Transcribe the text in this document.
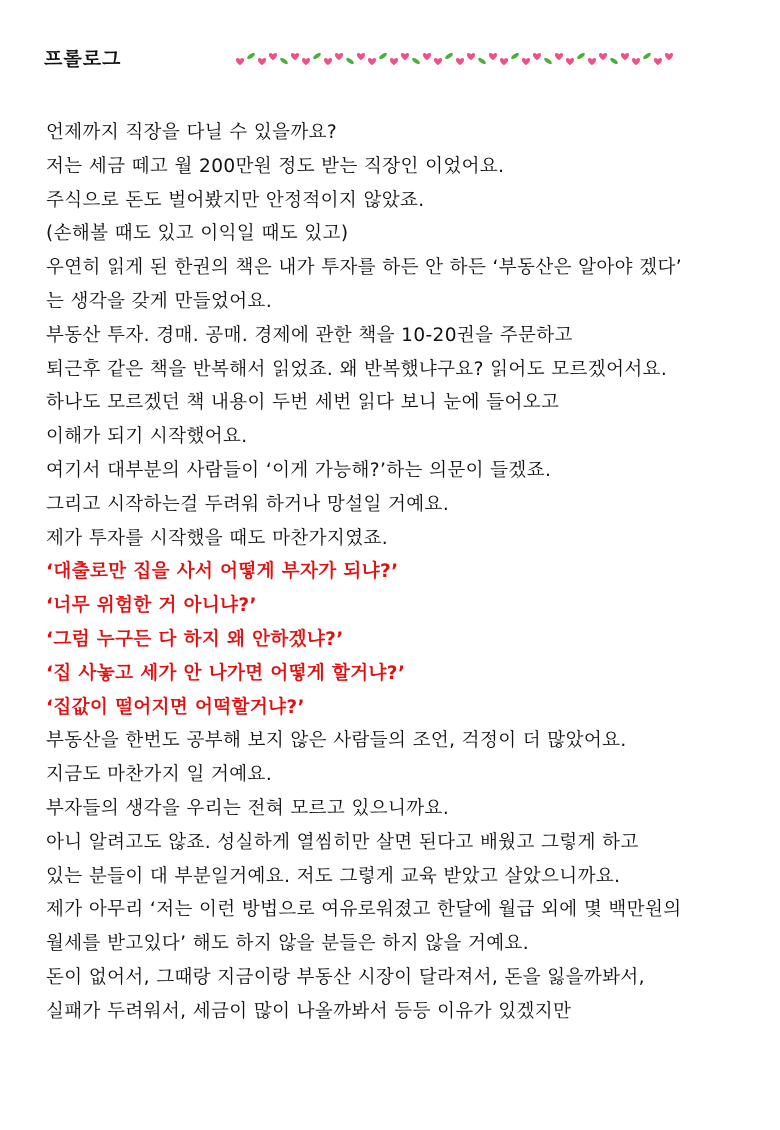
프롤로그
언제까지 직장을 다닐 수 있을까요?
저는 세금 떼고 월 200만원 정도 받는 직장인 이었어요.
주식으로 돈도 벌어봤지만 안정적이지 않았죠.
(손해볼 때도 있고 이익일 때도 있고)
우연히 읽게 된 한권의 책은 내가 투자를 하든 안 하든 ‘부동산은 알아야 겠다’
는 생각을 갖게 만들었어요.
부동산 투자. 경매. 공매. 경제에 관한 책을 10-20권을 주문하고
퇴근후 같은 책을 반복해서 읽었죠. 왜 반복했냐구요? 읽어도 모르겠어서요.
하나도 모르겠던 책 내용이 두번 세번 읽다 보니 눈에 들어오고
이해가 되기 시작했어요.
여기서 대부분의 사람들이 ‘이게 가능해?’하는 의문이 들겠죠.
그리고 시작하는걸 두려워 하거나 망설일 거예요.
제가 투자를 시작했을 때도 마찬가지였죠.
‘대출로만 집을 사서 어떻게 부자가 되냐?’
‘너무 위험한 거 아니냐?’
‘그럼 누구든 다 하지 왜 안하겠냐?’
‘집 사놓고 세가 안 나가면 어떻게 할거냐?’
‘집값이 떨어지면 어떡할거냐?’
부동산을 한번도 공부해 보지 않은 사람들의 조언, 걱정이 더 많았어요.
지금도 마찬가지 일 거예요.
부자들의 생각을 우리는 전혀 모르고 있으니까요.
아니 알려고도 않죠. 성실하게 열씸히만 살면 된다고 배웠고 그렇게 하고
있는 분들이 대 부분일거예요. 저도 그렇게 교육 받았고 살았으니까요.
제가 아무리 ‘저는 이런 방법으로 여유로워졌고 한달에 월급 외에 몇 백만원의
월세를 받고있다’ 해도 하지 않을 분들은 하지 않을 거예요.
돈이 없어서, 그때랑 지금이랑 부동산 시장이 달라져서, 돈을 잃을까봐서,
실패가 두려워서, 세금이 많이 나올까봐서 등등 이유가 있겠지만
